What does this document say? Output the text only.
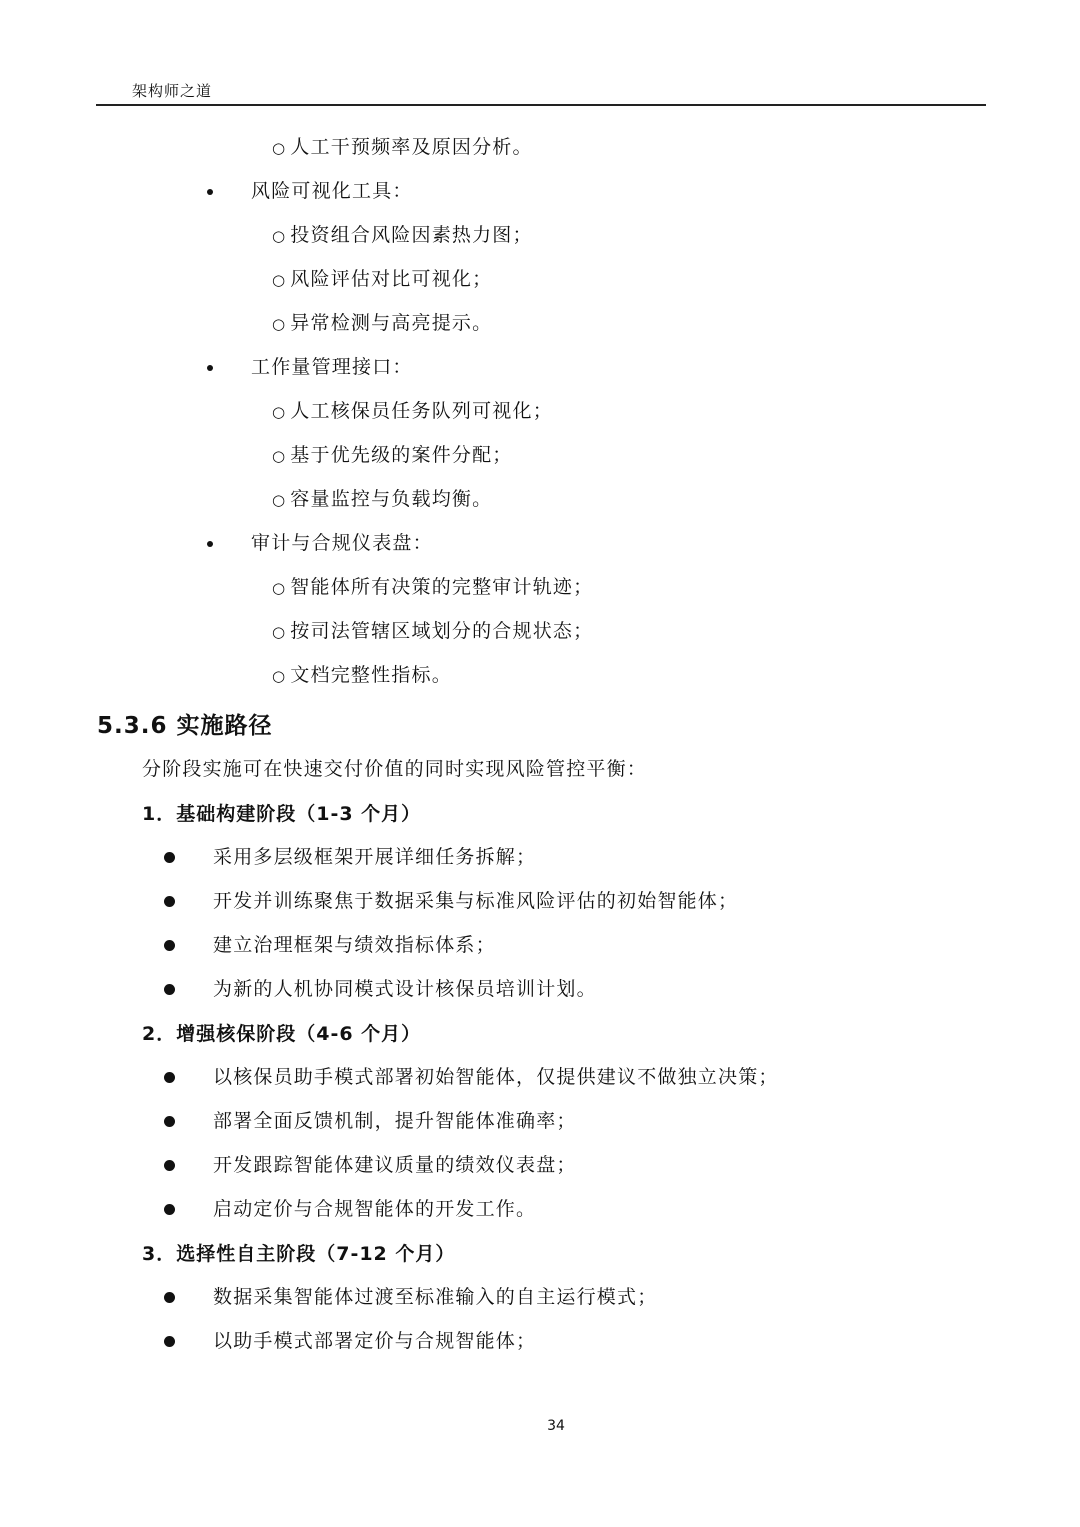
架构师之道
○ 人工干预频率及原因分析。
风险可视化工具：
○ 投资组合风险因素热力图；
○ 风险评估对比可视化；
○ 异常检测与高亮提示。
工作量管理接口：
○ 人工核保员任务队列可视化；
○ 基于优先级的案件分配；
○ 容量监控与负载均衡。
审计与合规仪表盘：
○ 智能体所有决策的完整审计轨迹；
○ 按司法管辖区域划分的合规状态；
○ 文档完整性指标。
5.3.6 实施路径
分阶段实施可在快速交付价值的同时实现风险管控平衡：
1．基础构建阶段（1-3 个月）
采用多层级框架开展详细任务拆解；
开发并训练聚焦于数据采集与标准风险评估的初始智能体；
建立治理框架与绩效指标体系；
为新的人机协同模式设计核保员培训计划。
2．增强核保阶段（4-6 个月）
以核保员助手模式部署初始智能体，仅提供建议不做独立决策；
部署全面反馈机制，提升智能体准确率；
开发跟踪智能体建议质量的绩效仪表盘；
启动定价与合规智能体的开发工作。
3．选择性自主阶段（7-12 个月）
数据采集智能体过渡至标准输入的自主运行模式；
以助手模式部署定价与合规智能体；
34
